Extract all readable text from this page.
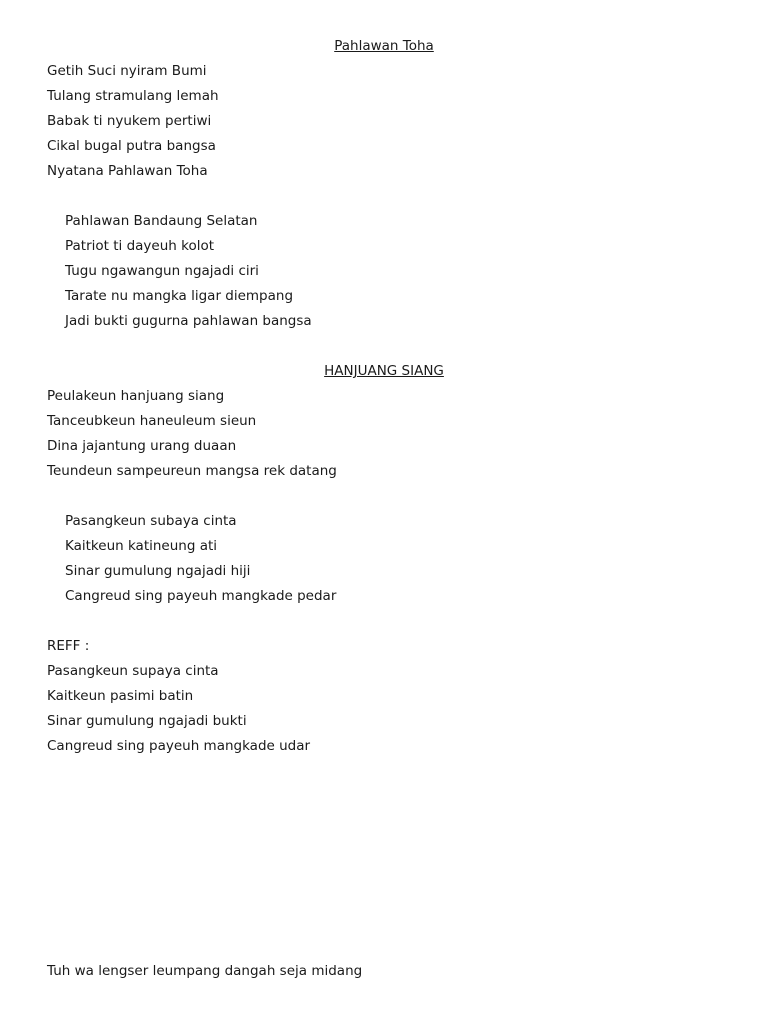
Pahlawan Toha
Getih Suci nyiram Bumi
Tulang stramulang lemah
Babak ti nyukem pertiwi
Cikal bugal putra bangsa
Nyatana Pahlawan Toha
Pahlawan Bandaung Selatan
Patriot ti dayeuh kolot
Tugu ngawangun ngajadi ciri
Tarate nu mangka ligar diempang
Jadi bukti gugurna pahlawan bangsa
HANJUANG SIANG
Peulakeun hanjuang siang
Tanceubkeun haneuleum sieun
Dina jajantung urang duaan
Teundeun sampeureun mangsa rek datang
Pasangkeun subaya cinta
Kaitkeun katineung ati
Sinar gumulung ngajadi hiji
Cangreud sing payeuh mangkade pedar
REFF :
Pasangkeun supaya cinta
Kaitkeun pasimi batin
Sinar gumulung ngajadi bukti
Cangreud sing payeuh mangkade udar
Tuh wa lengser leumpang dangah seja midang
